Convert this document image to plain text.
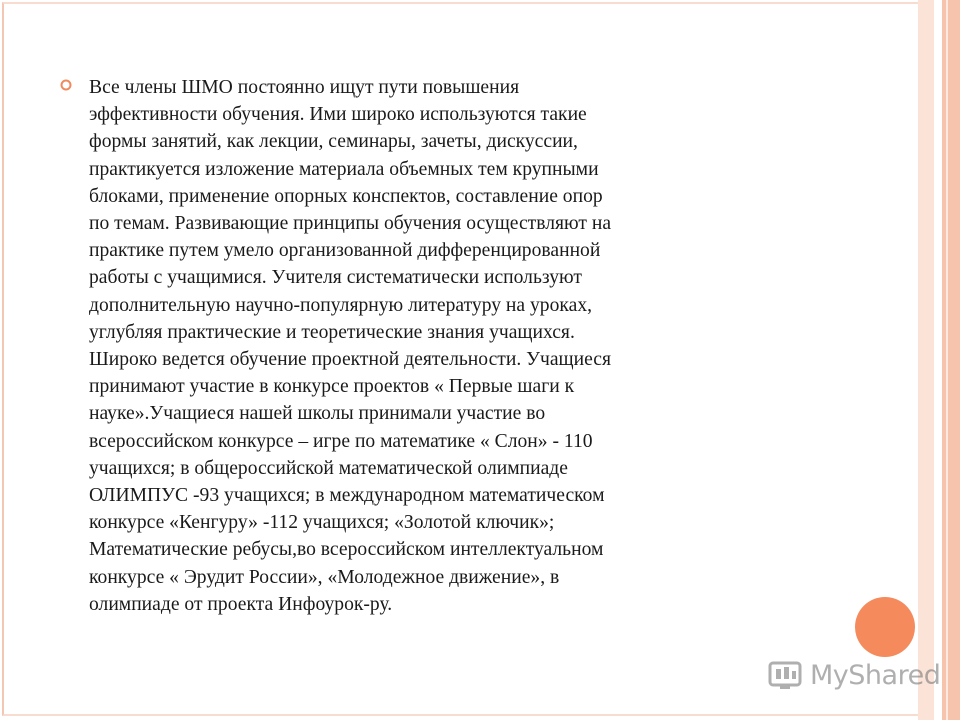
Все члены ШМО постоянно ищут пути повышения
эффективности обучения. Ими широко используются такие
формы занятий, как лекции, семинары, зачеты, дискуссии,
практикуется изложение материала объемных тем крупными
блоками, применение опорных конспектов, составление опор
по темам. Развивающие принципы обучения осуществляют на
практике путем умело организованной дифференцированной
работы с учащимися. Учителя систематически используют
дополнительную научно-популярную литературу на уроках,
углубляя практические и теоретические знания учащихся.
Широко ведется обучение проектной деятельности. Учащиеся
принимают участие в конкурсе проектов « Первые шаги к
науке».Учащиеся нашей школы принимали участие во
всероссийском конкурсе – игре по математике « Слон» - 110
учащихся; в общероссийской математической олимпиаде
ОЛИМПУС -93 учащихся; в международном математическом
конкурсе «Кенгуру» -112 учащихся; «Золотой ключик»;
Математические ребусы,во всероссийском интеллектуальном
конкурсе « Эрудит России», «Молодежное движение», в
олимпиаде от проекта Инфоурок-ру.

MyShared
